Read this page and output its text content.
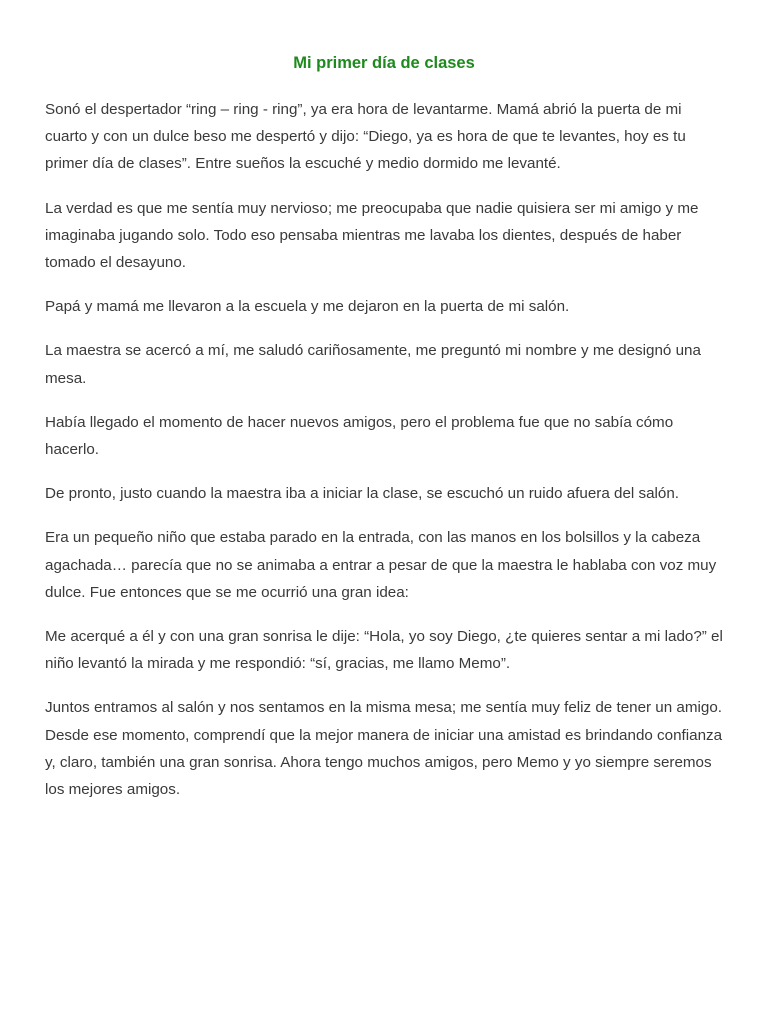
Mi primer día de clases

Sonó el despertador “ring – ring - ring”, ya era hora de levantarme. Mamá abrió la puerta de mi cuarto y con un dulce beso me despertó y dijo: “Diego, ya es hora de que te levantes, hoy es tu primer día de clases”. Entre sueños la escuché y medio dormido me levanté.

La verdad es que me sentía muy nervioso; me preocupaba que nadie quisiera ser mi amigo y me imaginaba jugando solo. Todo eso pensaba mientras me lavaba los dientes, después de haber tomado el desayuno.

Papá y mamá me llevaron a la escuela y me dejaron en la puerta de mi salón.

La maestra se acercó a mí, me saludó cariñosamente, me preguntó mi nombre y me designó una mesa.

Había llegado el momento de hacer nuevos amigos, pero el problema fue que no sabía cómo hacerlo.

De pronto, justo cuando la maestra iba a iniciar la clase, se escuchó un ruido afuera del salón.

Era un pequeño niño que estaba parado en la entrada, con las manos en los bolsillos y la cabeza agachada… parecía que no se animaba a entrar a pesar de que la maestra le hablaba con voz muy dulce. Fue entonces que se me ocurrió una gran idea:

Me acerqué a él y con una gran sonrisa le dije: “Hola, yo soy Diego, ¿te quieres sentar a mi lado?” el niño levantó la mirada y me respondió: “sí, gracias, me llamo Memo”.

Juntos entramos al salón y nos sentamos en la misma mesa; me sentía muy feliz de tener un amigo. Desde ese momento, comprendí que la mejor manera de iniciar una amistad es brindando confianza y, claro, también una gran sonrisa. Ahora tengo muchos amigos, pero Memo y yo siempre seremos los mejores amigos.
